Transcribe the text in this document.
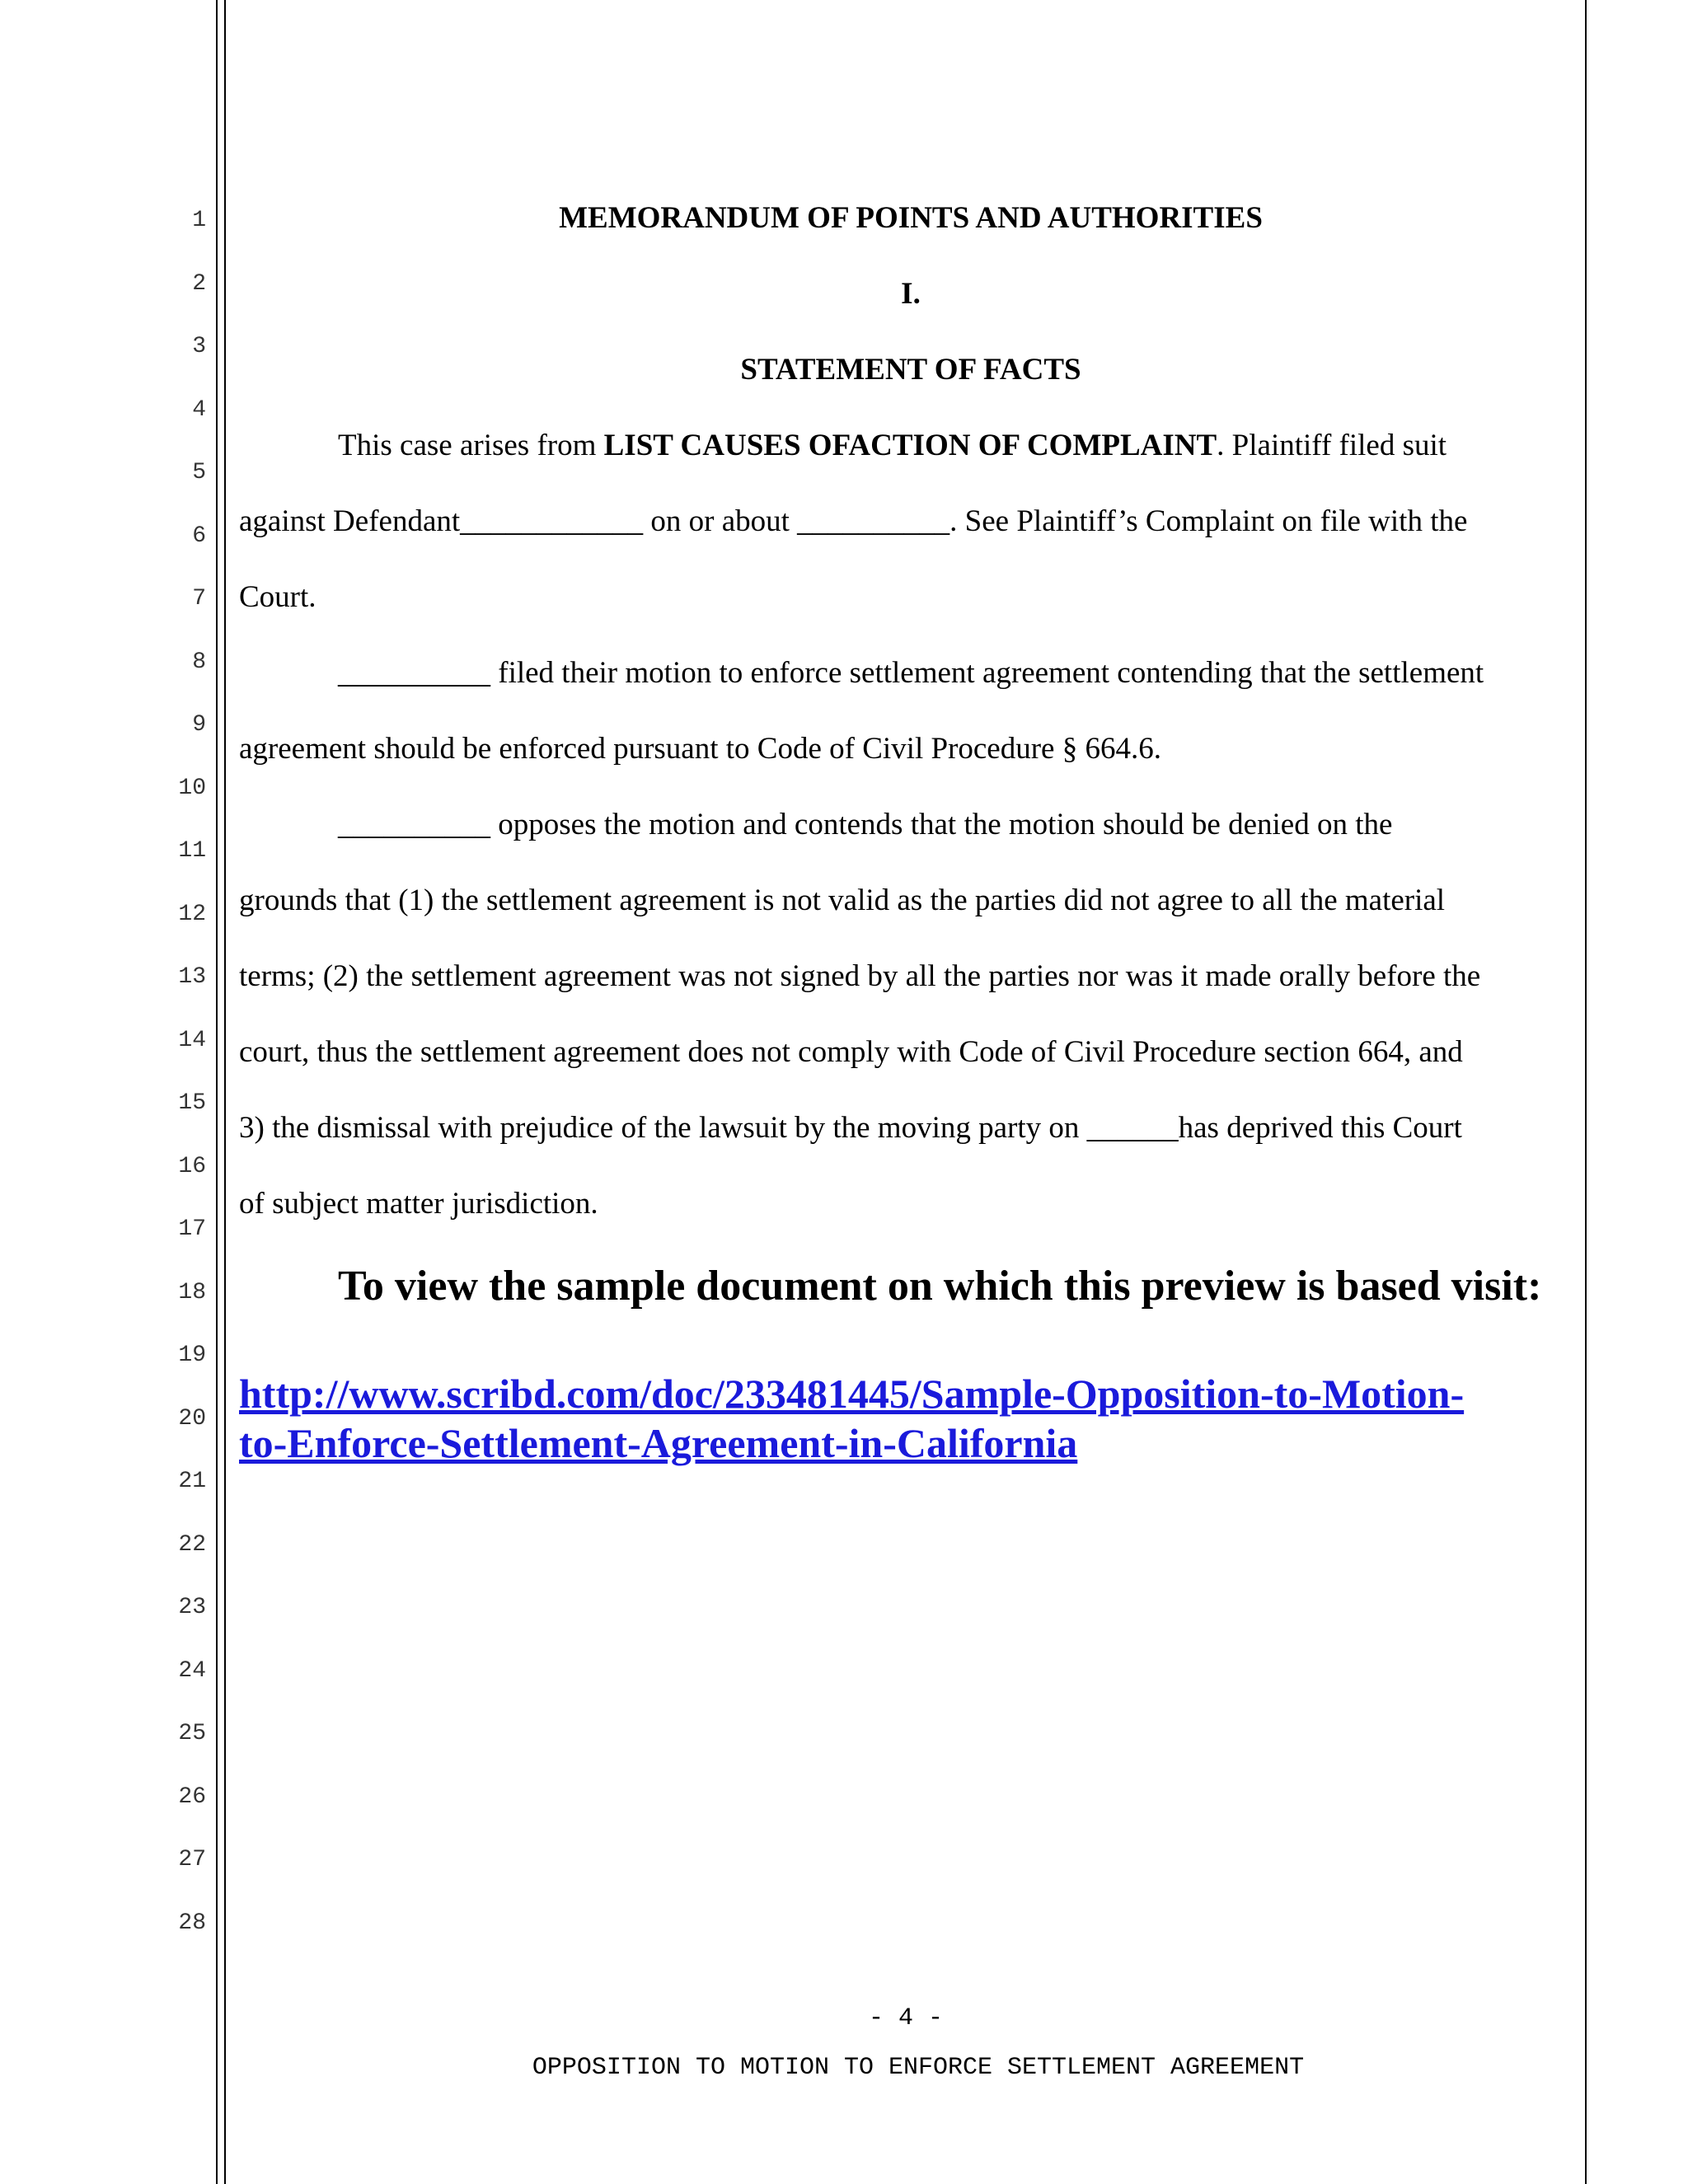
1
2
3
4
5
6
7
8
9
10
11
12
13
14
15
16
17
18
19
20
21
22
23
24
25
26
27
28
MEMORANDUM OF POINTS AND AUTHORITIES
I.
STATEMENT OF FACTS
This case arises from LIST CAUSES OFACTION OF COMPLAINT. Plaintiff filed suit
against Defendant____________ on or about __________. See Plaintiff’s Complaint on file with the
Court.
__________ filed their motion to enforce settlement agreement contending that the settlement
agreement should be enforced pursuant to Code of Civil Procedure § 664.6.
__________ opposes the motion and contends that the motion should be denied on the
grounds that (1) the settlement agreement is not valid as the parties did not agree to all the material
terms; (2) the settlement agreement was not signed by all the parties nor was it made orally before the
court, thus the settlement agreement does not comply with Code of Civil Procedure section 664, and
3) the dismissal with prejudice of the lawsuit by the moving party on ______has deprived this Court
of subject matter jurisdiction.
To view the sample document on which this preview is based visit:
http://www.scribd.com/doc/233481445/Sample-Opposition-to-Motion-
to-Enforce-Settlement-Agreement-in-California
- 4 -
OPPOSITION TO MOTION TO ENFORCE SETTLEMENT AGREEMENT
